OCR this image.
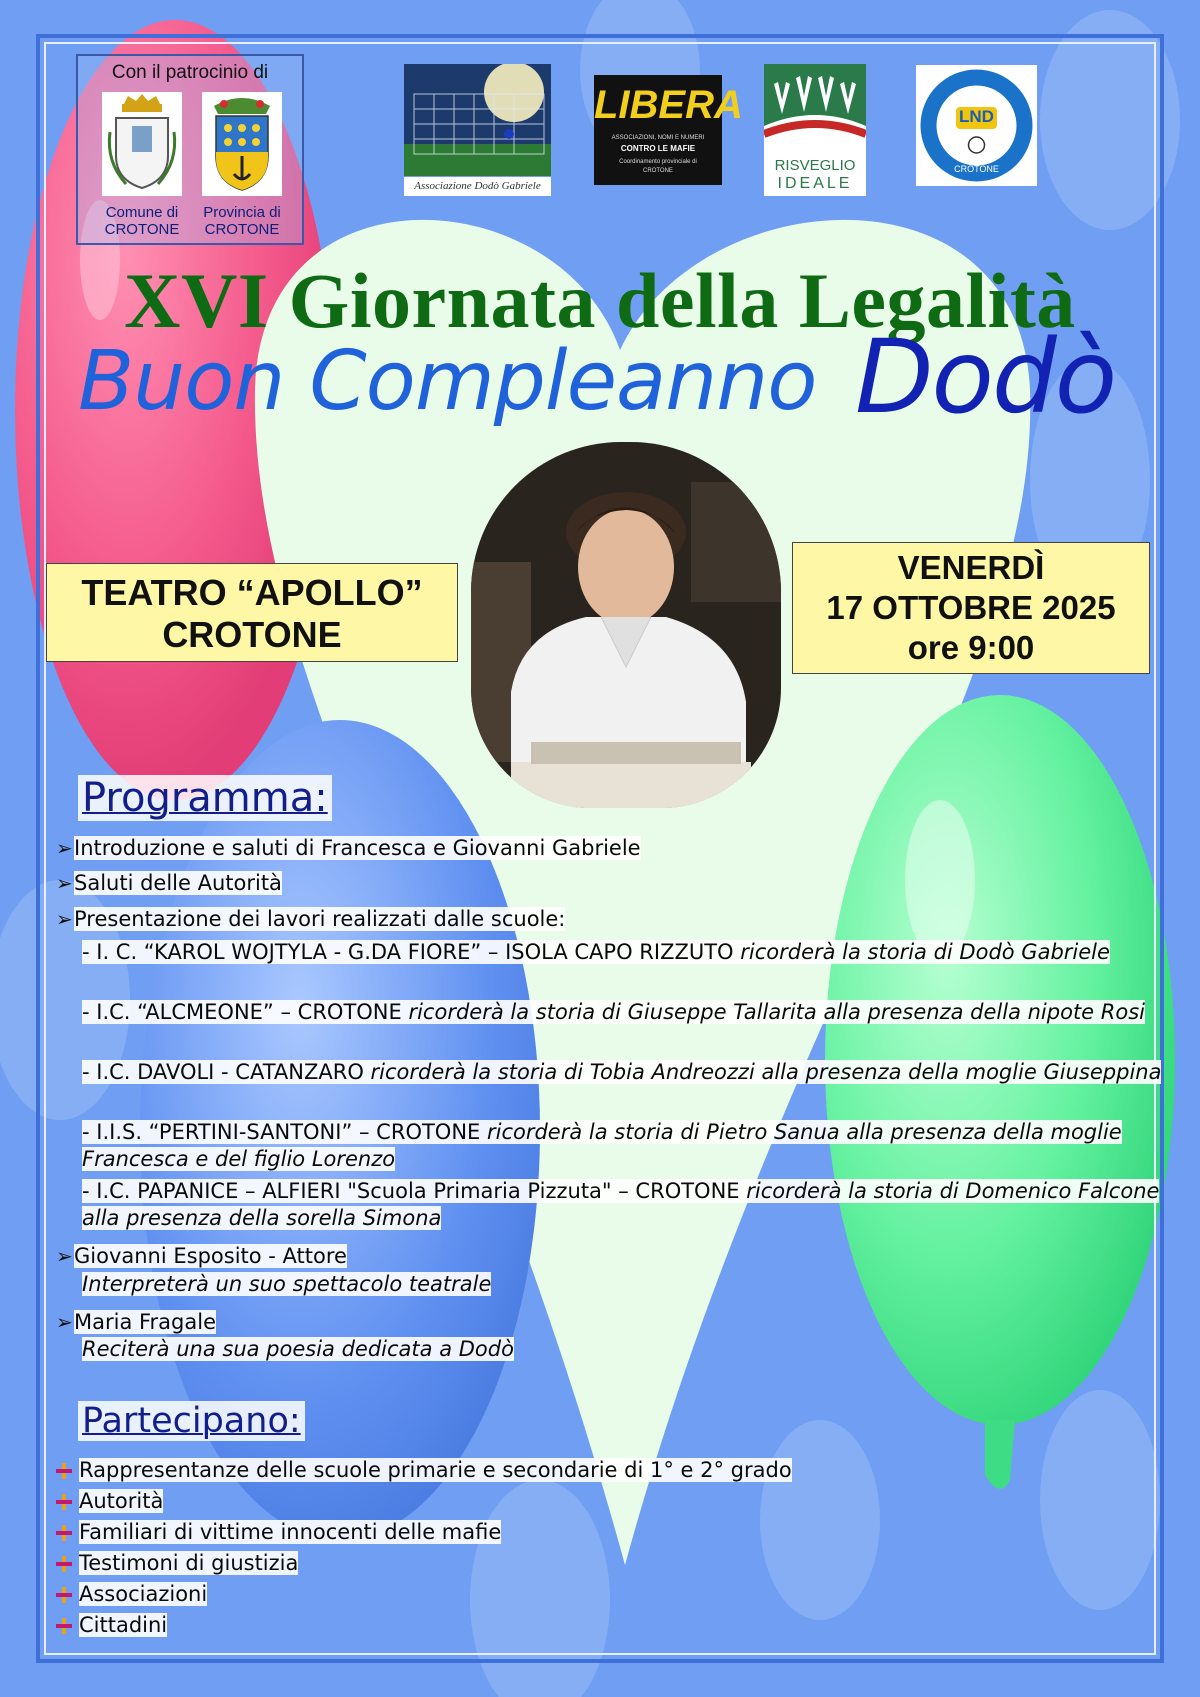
Con il patrocinio di
Comune di
CROTONE
Provincia di
CROTONE
Associazione Dodò Gabriele
LIBERA
ASSOCIAZIONI, NOMI E NUMERI
CONTRO LE MAFIE
Coordinamento provinciale di
CROTONE	RISVEGLIO
IDEALE
LND
CROTONE
XVI Giornata della Legalità
Buon Compleanno Dodò
TEATRO “APOLLO”
CROTONE
VENERDÌ
17 OTTOBRE 2025
ore 9:00
Programma:
➢Introduzione e saluti di Francesca e Giovanni Gabriele
➢Saluti delle Autorità
➢Presentazione dei lavori realizzati dalle scuole:
- I. C. “KAROL WOJTYLA - G.DA FIORE” – ISOLA CAPO RIZZUTO ricorderà la storia di Dodò Gabriele
- I.C. “ALCMEONE” – CROTONE ricorderà la storia di Giuseppe Tallarita alla presenza della nipote Rosi
- I.C. DAVOLI - CATANZARO ricorderà la storia di Tobia Andreozzi alla presenza della moglie Giuseppina
- I.I.S. “PERTINI-SANTONI” – CROTONE ricorderà la storia di Pietro Sanua alla presenza della moglie Francesca e del figlio Lorenzo
- I.C. PAPANICE – ALFIERI "Scuola Primaria Pizzuta" – CROTONE ricorderà la storia di Domenico Falcone alla presenza della sorella Simona
➢Giovanni Esposito - Attore
Interpreterà un suo spettacolo teatrale
➢Maria Fragale
Reciterà una sua poesia dedicata a Dodò
Partecipano:
Rappresentanze delle scuole primarie e secondarie di 1° e 2° grado
Autorità
Familiari di vittime innocenti delle mafie
Testimoni di giustizia
Associazioni
Cittadini
